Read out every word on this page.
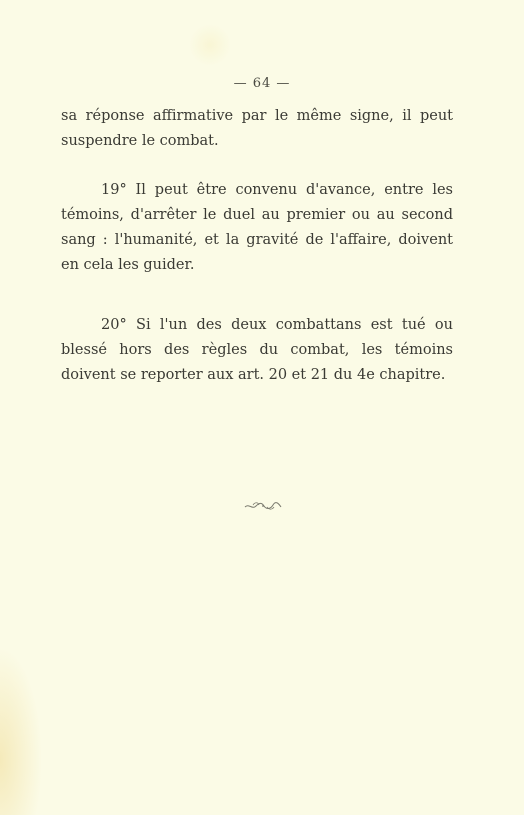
— 64 —

sa réponse affirmative par le même signe, il peut suspendre le combat.

19° Il peut être convenu d'avance, entre les témoins, d'arrêter le duel au premier ou au second sang : l'humanité, et la gravité de l'affaire, doivent en cela les guider.

20° Si l'un des deux combattans est tué ou blessé hors des règles du combat, les témoins doivent se reporter aux art. 20 et 21 du 4e chapitre.
